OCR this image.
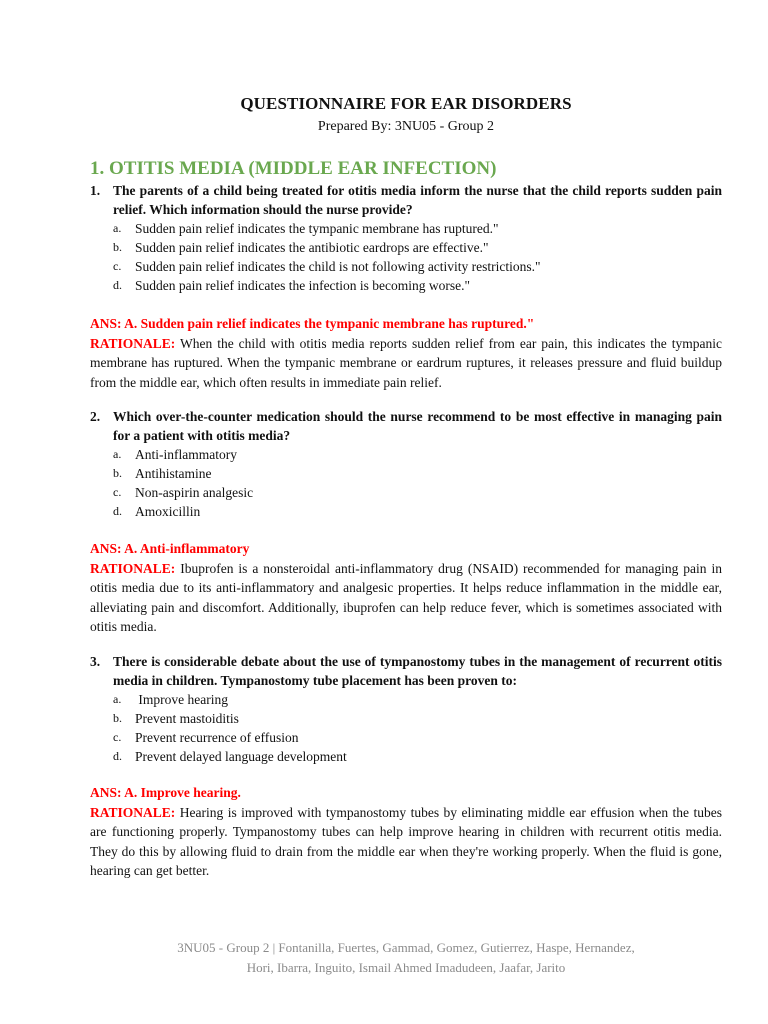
QUESTIONNAIRE FOR EAR DISORDERS
Prepared By: 3NU05 - Group 2
1. OTITIS MEDIA (MIDDLE EAR INFECTION)
1. The parents of a child being treated for otitis media inform the nurse that the child reports sudden pain relief. Which information should the nurse provide?
a.	Sudden pain relief indicates the tympanic membrane has ruptured."
b. Sudden pain relief indicates the antibiotic eardrops are effective."
c.	Sudden pain relief indicates the child is not following activity restrictions."
d. Sudden pain relief indicates the infection is becoming worse."
ANS: A. Sudden pain relief indicates the tympanic membrane has ruptured."
RATIONALE: When the child with otitis media reports sudden relief from ear pain, this indicates the tympanic membrane has ruptured. When the tympanic membrane or eardrum ruptures, it releases pressure and fluid buildup from the middle ear, which often results in immediate pain relief.
2. Which over-the-counter medication should the nurse recommend to be most effective in managing pain for a patient with otitis media?
a.	Anti-inflammatory
b. Antihistamine
c.	Non-aspirin analgesic
d. Amoxicillin
ANS: A. Anti-inflammatory
RATIONALE: Ibuprofen is a nonsteroidal anti-inflammatory drug (NSAID) recommended for managing pain in otitis media due to its anti-inflammatory and analgesic properties. It helps reduce inflammation in the middle ear, alleviating pain and discomfort. Additionally, ibuprofen can help reduce fever, which is sometimes associated with otitis media.
3. There is considerable debate about the use of tympanostomy tubes in the management of recurrent otitis media in children. Tympanostomy tube placement has been proven to:
a.	Improve hearing
b. Prevent mastoiditis
c.	Prevent recurrence of effusion
d. Prevent delayed language development
ANS: A. Improve hearing.
RATIONALE: Hearing is improved with tympanostomy tubes by eliminating middle ear effusion when the tubes are functioning properly. Tympanostomy tubes can help improve hearing in children with recurrent otitis media. They do this by allowing fluid to drain from the middle ear when they're working properly. When the fluid is gone, hearing can get better.
3NU05 - Group 2 | Fontanilla, Fuertes, Gammad, Gomez, Gutierrez, Haspe, Hernandez,
Hori, Ibarra, Inguito, Ismail Ahmed Imadudeen, Jaafar, Jarito
